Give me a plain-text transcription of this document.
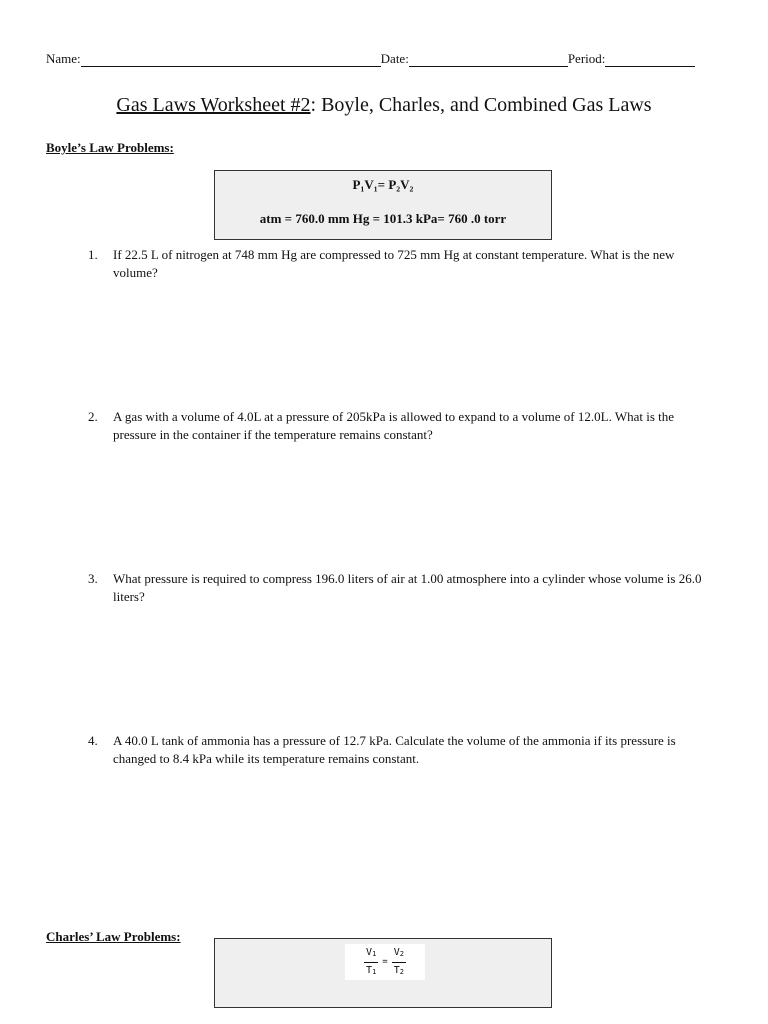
Name:	Date:	Period:
Gas Laws Worksheet #2: Boyle, Charles, and Combined Gas Laws
Boyle’s Law Problems:
P₁V₁= P₂V₂
atm = 760.0 mm Hg = 101.3 kPa= 760 .0 torr
1.	If 22.5 L of nitrogen at 748 mm Hg are compressed to 725 mm Hg at constant temperature. What is the new volume?
2.	A gas with a volume of 4.0L at a pressure of 205kPa is allowed to expand to a volume of 12.0L. What is the pressure in the container if the temperature remains constant?
3.	What pressure is required to compress 196.0 liters of air at 1.00 atmosphere into a cylinder whose volume is 26.0 liters?
4.	A 40.0 L tank of ammonia has a pressure of 12.7 kPa. Calculate the volume of the ammonia if its pressure is changed to 8.4 kPa while its temperature remains constant.
Charles’ Law Problems:
$\frac{V1}{T1} = \frac{V2}{T2}$
